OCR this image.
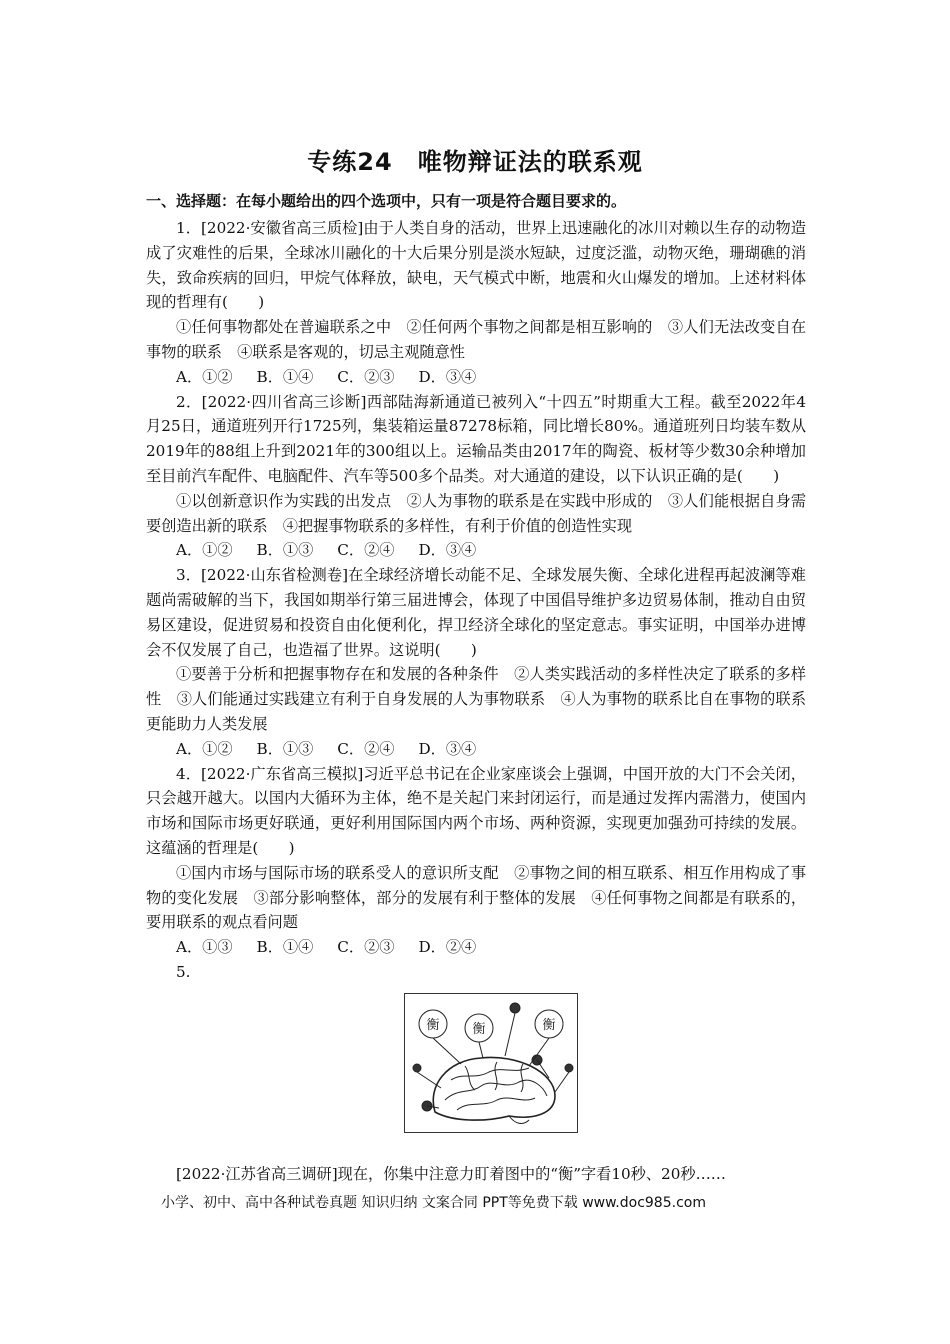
专练24　唯物辩证法的联系观
一、选择题：在每小题给出的四个选项中，只有一项是符合题目要求的。

1．[2022·安徽省高三质检]由于人类自身的活动，世界上迅速融化的冰川对赖以生存的动物造成了灾难性的后果，全球冰川融化的十大后果分别是淡水短缺，过度泛滥，动物灭绝，珊瑚礁的消失，致命疾病的回归，甲烷气体释放，缺电，天气模式中断，地震和火山爆发的增加。上述材料体现的哲理有(　　)

①任何事物都处在普遍联系之中　②任何两个事物之间都是相互影响的　③人们无法改变自在事物的联系　④联系是客观的，切忌主观随意性

A．①② B．①④ C．②③ D．③④

2．[2022·四川省高三诊断]西部陆海新通道已被列入“十四五”时期重大工程。截至2022年4月25日，通道班列开行1725列，集装箱运量87278标箱，同比增长80%。通道班列日均装车数从2019年的88组上升到2021年的300组以上。运输品类由2017年的陶瓷、板材等少数30余种增加至目前汽车配件、电脑配件、汽车等500多个品类。对大通道的建设，以下认识正确的是(　　)

①以创新意识作为实践的出发点　②人为事物的联系是在实践中形成的　③人们能根据自身需要创造出新的联系　④把握事物联系的多样性，有利于价值的创造性实现

A．①② B．①③ C．②④ D．③④

3．[2022·山东省检测卷]在全球经济增长动能不足、全球发展失衡、全球化进程再起波澜等难题尚需破解的当下，我国如期举行第三届进博会，体现了中国倡导维护多边贸易体制，推动自由贸易区建设，促进贸易和投资自由化便利化，捍卫经济全球化的坚定意志。事实证明，中国举办进博会不仅发展了自己，也造福了世界。这说明(　　)

①要善于分析和把握事物存在和发展的各种条件　②人类实践活动的多样性决定了联系的多样性　③人们能通过实践建立有利于自身发展的人为事物联系　④人为事物的联系比自在事物的联系更能助力人类发展

A．①② B．①③ C．②④ D．③④

4．[2022·广东省高三模拟]习近平总书记在企业家座谈会上强调，中国开放的大门不会关闭，只会越开越大。以国内大循环为主体，绝不是关起门来封闭运行，而是通过发挥内需潜力，使国内市场和国际市场更好联通，更好利用国际国内两个市场、两种资源，实现更加强劲可持续的发展。这蕴涵的哲理是(　　)

①国内市场与国际市场的联系受人的意识所支配　②事物之间的相互联系、相互作用构成了事物的变化发展　③部分影响整体，部分的发展有利于整体的发展　④任何事物之间都是有联系的，要用联系的观点看问题

A．①③ B．①④ C．②③ D．②④

5.

衡	衡	衡
[2022·江苏省高三调研]现在，你集中注意力盯着图中的“衡”字看10秒、20秒……
小学、初中、高中各种试卷真题 知识归纳 文案合同 PPT等免费下载 www.doc985.com
